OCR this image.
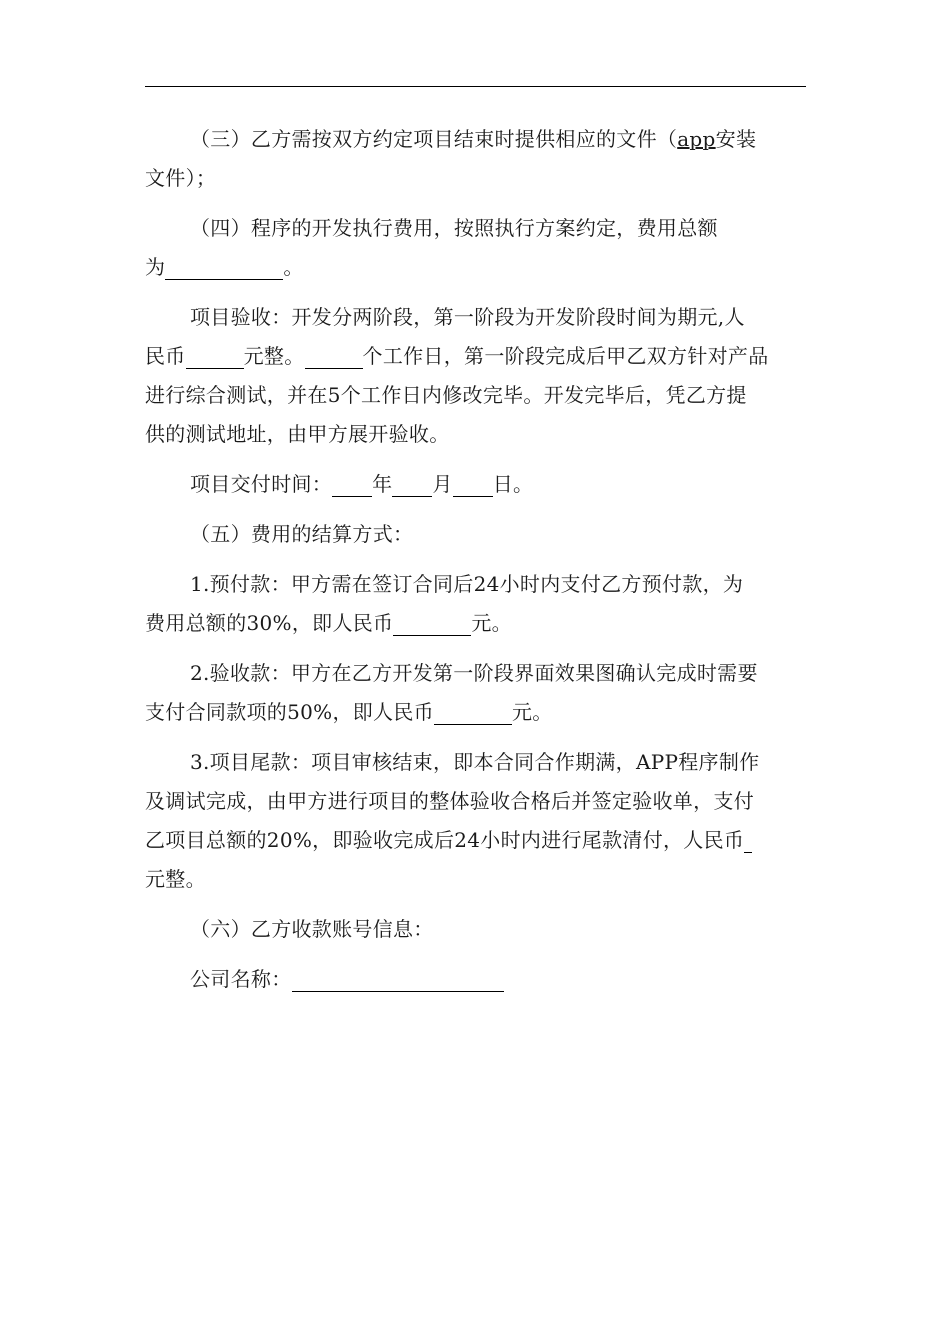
（三）乙方需按双方约定项目结束时提供相应的文件（app安装

文件）；

（四）程序的开发执行费用，按照执行方案约定，费用总额

为	。

项目验收：开发分两阶段，第一阶段为开发阶段时间为期元,人

民币	元整。	个工作日，第一阶段完成后甲乙双方针对产品

进行综合测试，并在5个工作日内修改完毕。开发完毕后，凭乙方提

供的测试地址，由甲方展开验收。

项目交付时间： 年 月 日。

（五）费用的结算方式：

1.预付款：甲方需在签订合同后24小时内支付乙方预付款，为

费用总额的30%，即人民币	元。

2.验收款：甲方在乙方开发第一阶段界面效果图确认完成时需要

支付合同款项的50%，即人民币	元。

3.项目尾款：项目审核结束，即本合同合作期满，APP程序制作

及调试完成，由甲方进行项目的整体验收合格后并签定验收单，支付

乙项目总额的20%，即验收完成后24小时内进行尾款清付，人民币

元整。

（六）乙方收款账号信息：

公司名称：
